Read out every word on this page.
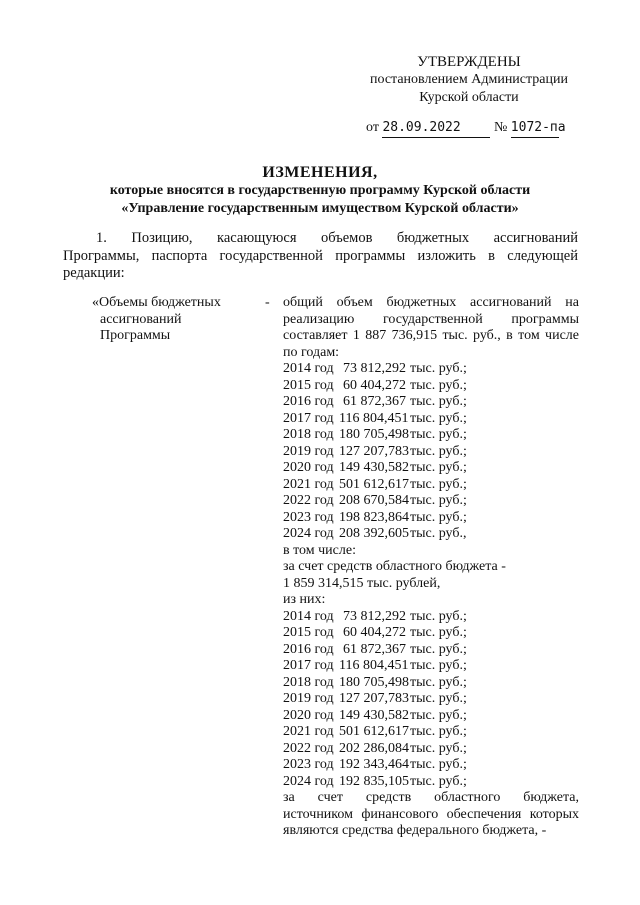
УТВЕРЖДЕНЫ
постановлением Администрации
Курской области
от 28.09.2022 № 1072-па
ИЗМЕНЕНИЯ,
которые вносятся в государственную программу Курской области
«Управление государственным имуществом Курской области»
1. Позицию, касающуюся объемов бюджетных ассигнований
Программы, паспорта государственной программы изложить в следующей
редакции:
«Объемы бюджетных
ассигнований
Программы
- общий объем бюджетных ассигнований на
реализацию государственной программы
составляет 1 887 736,915 тыс. руб., в том числе
по годам:
2014 год 73 812,292 тыс. руб.;
2015 год 60 404,272 тыс. руб.;
2016 год 61 872,367 тыс. руб.;
2017 год 116 804,451 тыс. руб.;
2018 год 180 705,498тыс. руб.;
2019 год 127 207,783тыс. руб.;
2020 год 149 430,582тыс. руб.;
2021 год 501 612,617тыс. руб.;
2022 год 208 670,584тыс. руб.;
2023 год 198 823,864тыс. руб.;
2024 год 208 392,605тыс. руб.,
в том числе:
за счет средств областного бюджета -
1 859 314,515 тыс. рублей,
из них:
2014 год 73 812,292 тыс. руб.;
2015 год 60 404,272 тыс. руб.;
2016 год 61 872,367 тыс. руб.;
2017 год 116 804,451 тыс. руб.;
2018 год 180 705,498тыс. руб.;
2019 год 127 207,783тыс. руб.;
2020 год 149 430,582тыс. руб.;
2021 год 501 612,617тыс. руб.;
2022 год 202 286,084тыс. руб.;
2023 год 192 343,464тыс. руб.;
2024 год 192 835,105тыс. руб.;
за счет средств областного бюджета,
источником финансового обеспечения которых
являются средства федерального бюджета, -
